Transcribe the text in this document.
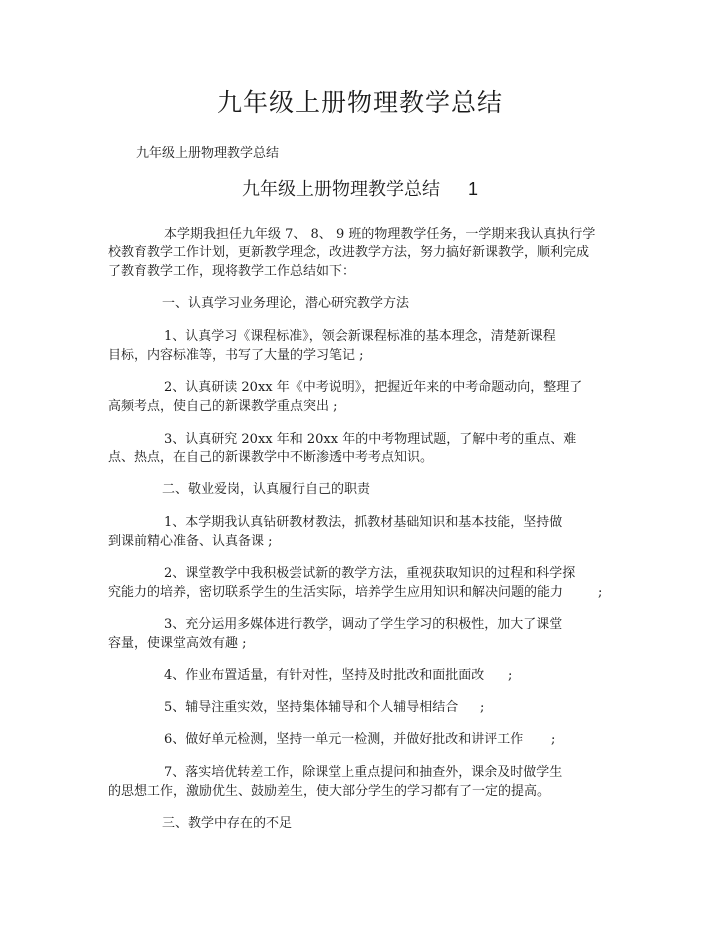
九年级上册物理教学总结
九年级上册物理教学总结
九年级上册物理教学总结 1
本学期我担任九年级 7、 8、 9 班的物理教学任务，一学期来我认真执行学
校教育教学工作计划，更新教学理念，改进教学方法，努力搞好新课教学，顺利完成
了教育教学工作，现将教学工作总结如下：
一、认真学习业务理论，潜心研究教学方法
1、认真学习《课程标准》，领会新课程标准的基本理念，清楚新课程
目标，内容标准等，书写了大量的学习笔记 ;
2、认真研读 20xx 年《中考说明》，把握近年来的中考命题动向，整理了
高频考点，使自己的新课教学重点突出 ;
3、认真研究 20xx 年和 20xx 年的中考物理试题，了解中考的重点、难
点、热点，在自己的新课教学中不断渗透中考考点知识。
二、敬业爱岗，认真履行自己的职责
1、本学期我认真钻研教材教法，抓教材基础知识和基本技能，坚持做
到课前精心准备、认真备课 ;
2、课堂教学中我积极尝试新的教学方法，重视获取知识的过程和科学探
究能力的培养，密切联系学生的生活实际，培养学生应用知识和解决问题的能力	;
3、充分运用多媒体进行教学，调动了学生学习的积极性，加大了课堂
容量，使课堂高效有趣 ;
4、作业布置适量，有针对性，坚持及时批改和面批面改 ;
5、辅导注重实效，坚持集体辅导和个人辅导相结合 ;
6、做好单元检测，坚持一单元一检测，并做好批改和讲评工作 ;
7、落实培优转差工作，除课堂上重点提问和抽查外，课余及时做学生
的思想工作，激励优生、鼓励差生，使大部分学生的学习都有了一定的提高。
三、教学中存在的不足
